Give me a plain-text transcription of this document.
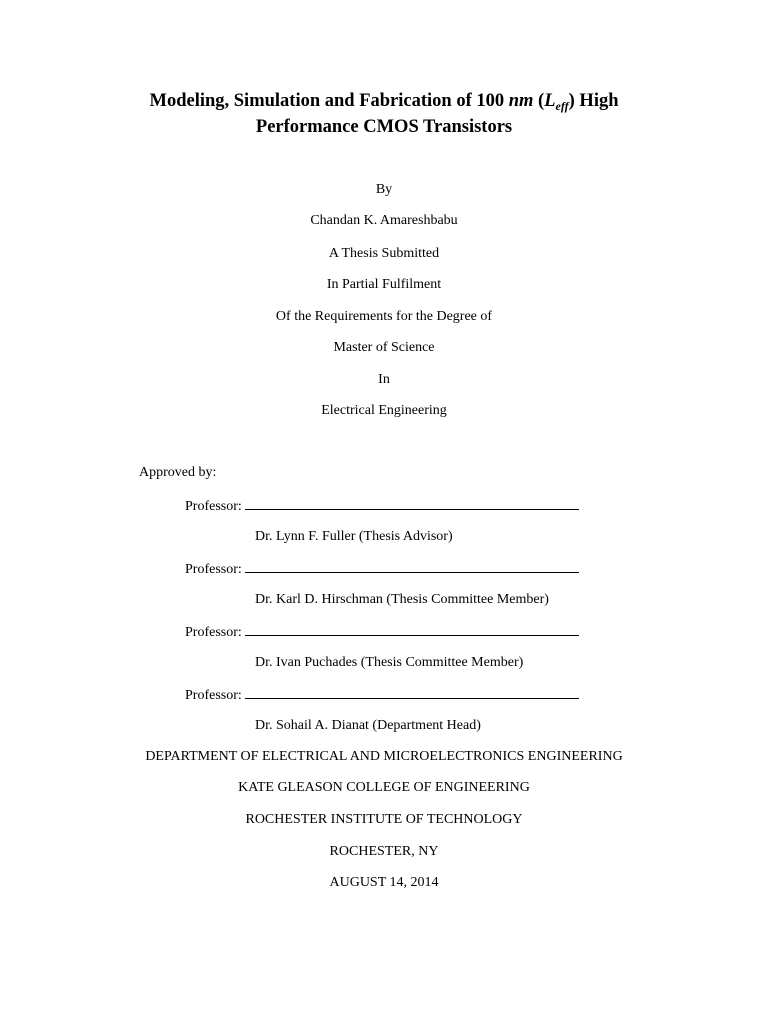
Modeling, Simulation and Fabrication of 100 nm $(L_{eff})$ High
Performance CMOS Transistors
By
Chandan K. Amareshbabu
A Thesis Submitted
In Partial Fulfilment
Of the Requirements for the Degree of
Master of Science
In
Electrical Engineering
Approved by:
Professor:
Dr. Lynn F. Fuller (Thesis Advisor)
Professor:
Dr. Karl D. Hirschman (Thesis Committee Member)
Professor:
Dr. Ivan Puchades (Thesis Committee Member)
Professor:
Dr. Sohail A. Dianat (Department Head)
DEPARTMENT OF ELECTRICAL AND MICROELECTRONICS ENGINEERING
KATE GLEASON COLLEGE OF ENGINEERING
ROCHESTER INSTITUTE OF TECHNOLOGY
ROCHESTER, NY
AUGUST 14, 2014
